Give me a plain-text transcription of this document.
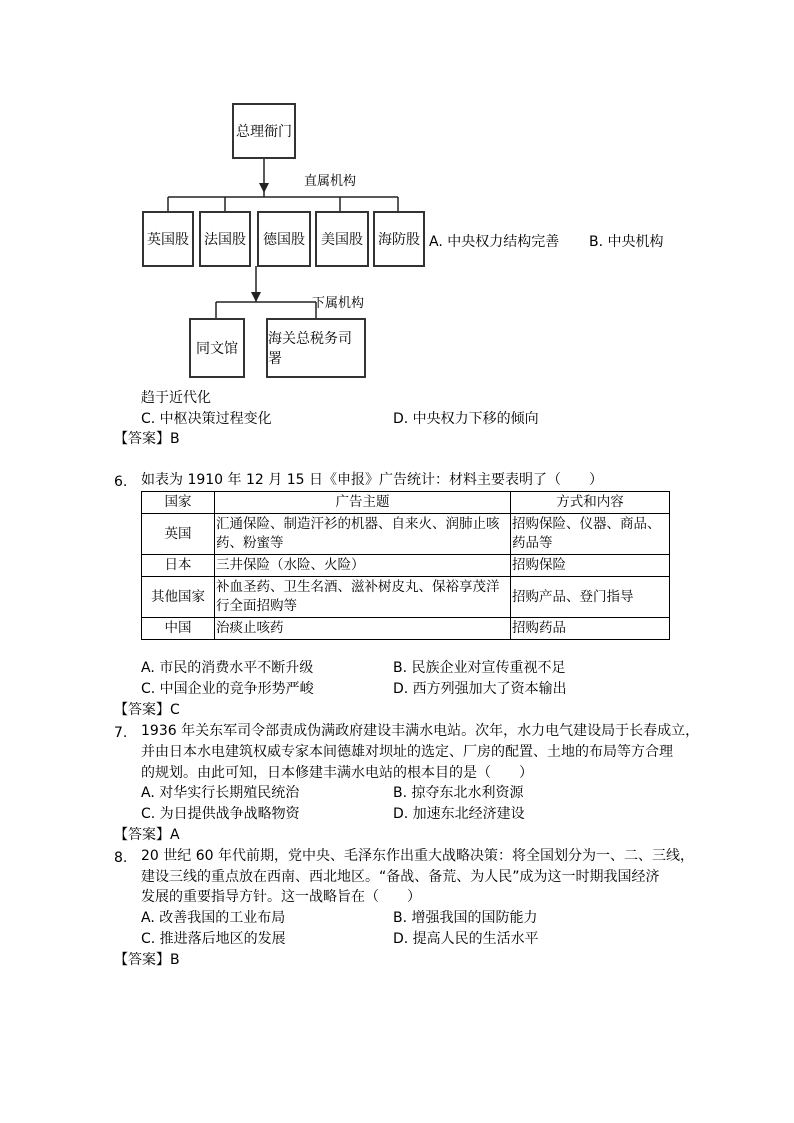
总理衙门
直属机构
英国股	法国股	德国股	美国股	海防股
下属机构
同文馆
海关总税务司署
A. 中央权力结构完善 B. 中央机构
趋于近代化
C. 中枢决策过程变化	D. 中央权力下移的倾向
【答案】B
6. 如表为 1910 年 12 月 15 日《申报》广告统计：材料主要表明了（　　）
国家	广告主题	方式和内容
英国	汇通保险、制造汗衫的机器、自来火、润肺止咳药、粉蜜等	招购保险、仪器、商品、药品等
日本	三井保险（水险、火险）	招购保险
其他国家	补血圣药、卫生名酒、滋补树皮丸、保裕享茂洋行全面招购等	招购产品、登门指导
中国	治痰止咳药	招购药品
A. 市民的消费水平不断升级	B. 民族企业对宣传重视不足
C. 中国企业的竞争形势严峻	D. 西方列强加大了资本输出
【答案】C
7. 1936 年关东军司令部责成伪满政府建设丰满水电站。次年，水力电气建设局于长春成立，
并由日本水电建筑权威专家本间德雄对坝址的选定、厂房的配置、土地的布局等方合理
的规划。由此可知，日本修建丰满水电站的根本目的是（　　）
A. 对华实行长期殖民统治	B. 掠夺东北水利资源
C. 为日提供战争战略物资	D. 加速东北经济建设
【答案】A
8. 20 世纪 60 年代前期，党中央、毛泽东作出重大战略决策：将全国划分为一、二、三线，
建设三线的重点放在西南、西北地区。“备战、备荒、为人民”成为这一时期我国经济
发展的重要指导方针。这一战略旨在（　　）
A. 改善我国的工业布局	B. 增强我国的国防能力
C. 推进落后地区的发展	D. 提高人民的生活水平
【答案】B
